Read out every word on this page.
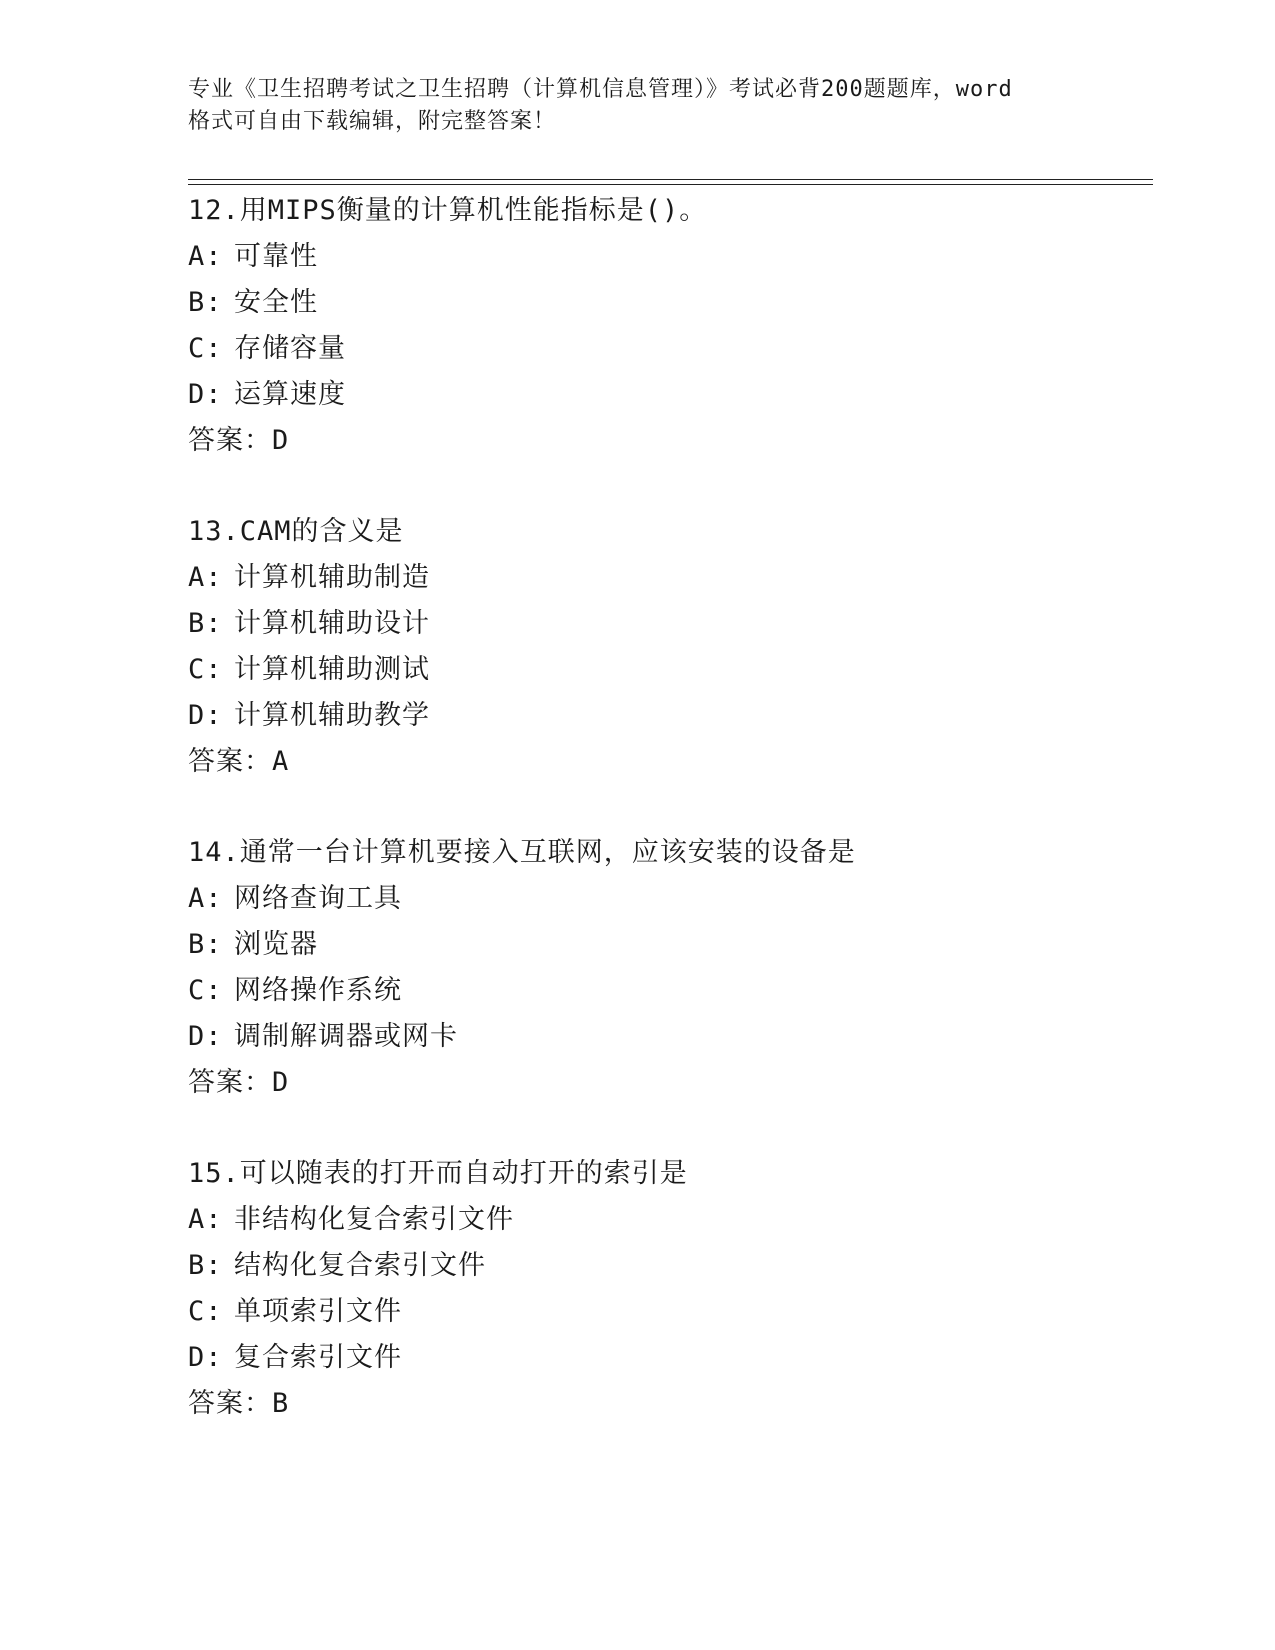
专业《卫生招聘考试之卫生招聘（计算机信息管理）》考试必背200题题库，word
格式可自由下载编辑，附完整答案！
12.用MIPS衡量的计算机性能指标是()。
A: 可靠性
B: 安全性
C: 存储容量
D: 运算速度
答案：D
13.CAM的含义是
A: 计算机辅助制造
B: 计算机辅助设计
C: 计算机辅助测试
D: 计算机辅助教学
答案：A
14.通常一台计算机要接入互联网，应该安装的设备是
A: 网络查询工具
B: 浏览器
C: 网络操作系统
D: 调制解调器或网卡
答案：D
15.可以随表的打开而自动打开的索引是
A: 非结构化复合索引文件
B: 结构化复合索引文件
C: 单项索引文件
D: 复合索引文件
答案：B
